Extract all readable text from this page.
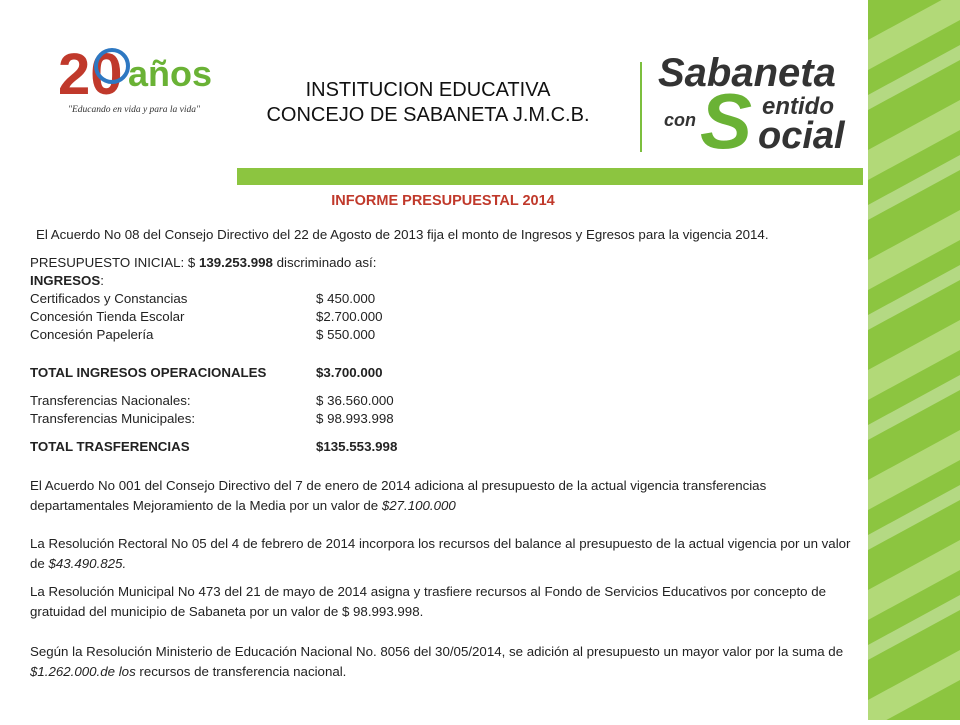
20 años
"Educando en vida y para la vida"
INSTITUCION EDUCATIVA
CONCEJO DE SABANETA J.M.C.B.
Sabaneta
con S entido
ocial
INFORME PRESUPUESTAL 2014
El Acuerdo No 08 del Consejo Directivo del 22 de Agosto de 2013 fija el monto de Ingresos y Egresos para la vigencia 2014.
PRESUPUESTO INICIAL: $ 139.253.998 discriminado así:
INGRESOS:
Certificados y Constancias	$ 450.000
Concesión Tienda Escolar	$2.700.000
Concesión Papelería	$ 550.000
TOTAL INGRESOS OPERACIONALES	$3.700.000
Transferencias Nacionales:	$ 36.560.000
Transferencias Municipales:	$ 98.993.998
TOTAL TRASFERENCIAS	$135.553.998
El Acuerdo No 001 del Consejo Directivo del 7 de enero de 2014 adiciona al presupuesto de la actual vigencia transferencias departamentales Mejoramiento de la Media por un valor de $27.100.000
La Resolución Rectoral No 05 del 4 de febrero de 2014 incorpora los recursos del balance al presupuesto de la actual vigencia por un valor de $43.490.825.
La Resolución Municipal No 473 del 21 de mayo de 2014 asigna y trasfiere recursos al Fondo de Servicios Educativos por concepto de gratuidad del municipio de Sabaneta por un valor de $ 98.993.998.
Según la Resolución Ministerio de Educación Nacional No. 8056 del 30/05/2014, se adición al presupuesto un mayor valor por la suma de $1.262.000.de los recursos de transferencia nacional.
